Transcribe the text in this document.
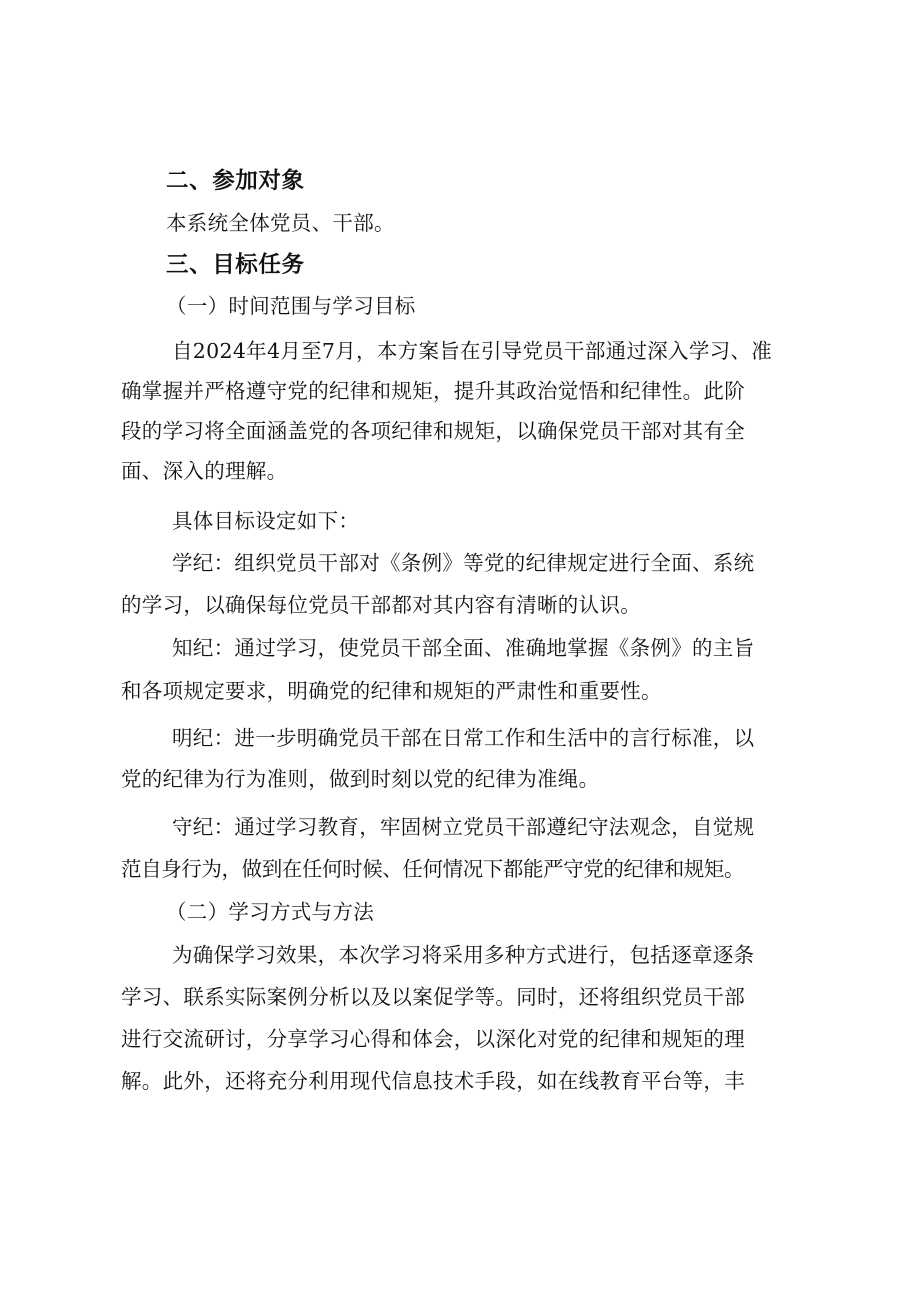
二、参加对象
本系统全体党员、干部。
三、目标任务
（一）时间范围与学习目标
自2024年4月至7月，本方案旨在引导党员干部通过深入学习、准
确掌握并严格遵守党的纪律和规矩，提升其政治觉悟和纪律性。此阶
段的学习将全面涵盖党的各项纪律和规矩，以确保党员干部对其有全
面、深入的理解。
具体目标设定如下：
学纪：组织党员干部对《条例》等党的纪律规定进行全面、系统
的学习，以确保每位党员干部都对其内容有清晰的认识。
知纪：通过学习，使党员干部全面、准确地掌握《条例》的主旨
和各项规定要求，明确党的纪律和规矩的严肃性和重要性。
明纪：进一步明确党员干部在日常工作和生活中的言行标准，以
党的纪律为行为准则，做到时刻以党的纪律为准绳。
守纪：通过学习教育，牢固树立党员干部遵纪守法观念，自觉规
范自身行为，做到在任何时候、任何情况下都能严守党的纪律和规矩。
（二）学习方式与方法
为确保学习效果，本次学习将采用多种方式进行，包括逐章逐条
学习、联系实际案例分析以及以案促学等。同时，还将组织党员干部
进行交流研讨，分享学习心得和体会，以深化对党的纪律和规矩的理
解。此外，还将充分利用现代信息技术手段，如在线教育平台等，丰
